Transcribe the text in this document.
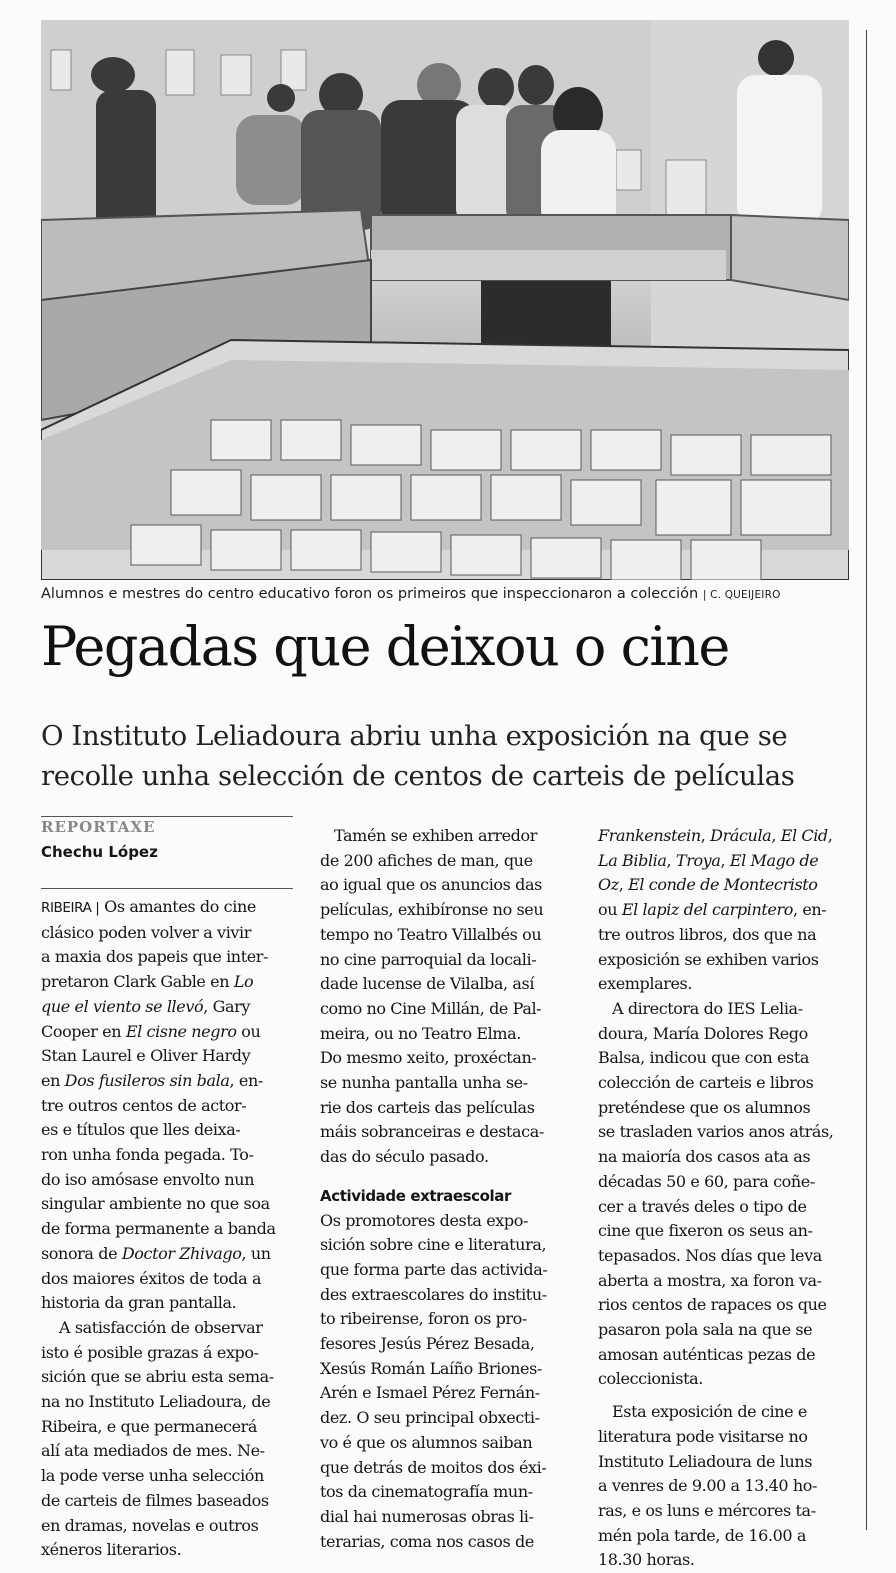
Alumnos e mestres do centro educativo foron os primeiros que inspeccionaron a colección | C. QUEIJEIRO
Pegadas que deixou o cine
O Instituto Leliadoura abriu unha exposición na que se
recolle unha selección de centos de carteis de películas
REPORTAXE
Chechu López
RIBEIRA | Os amantes do cine
clásico poden volver a vivir
a maxia dos papeis que inter-
pretaron Clark Gable en Lo
que el viento se llevó, Gary
Cooper en El cisne negro ou
Stan Laurel e Oliver Hardy
en Dos fusileros sin bala, en-
tre outros centos de actor-
es e títulos que lles deixa-
ron unha fonda pegada. To-
do iso amósase envolto nun
singular ambiente no que soa
de forma permanente a banda
sonora de Doctor Zhivago, un
dos maiores éxitos de toda a
historia da gran pantalla.
A satisfacción de observar
isto é posible grazas á expo-
sición que se abriu esta sema-
na no Instituto Leliadoura, de
Ribeira, e que permanecerá
alí ata mediados de mes. Ne-
la pode verse unha selección
de carteis de filmes baseados
en dramas, novelas e outros
xéneros literarios.
Tamén se exhiben arredor
de 200 afiches de man, que
ao igual que os anuncios das
películas, exhibíronse no seu
tempo no Teatro Villalbés ou
no cine parroquial da locali-
dade lucense de Vilalba, así
como no Cine Millán, de Pal-
meira, ou no Teatro Elma.
Do mesmo xeito, proxéctan-
se nunha pantalla unha se-
rie dos carteis das películas
máis sobranceiras e destaca-
das do século pasado.
Actividade extraescolar
Os promotores desta expo-
sición sobre cine e literatura,
que forma parte das activida-
des extraescolares do institu-
to ribeirense, foron os pro-
fesores Jesús Pérez Besada,
Xesús Román Laíño Briones-
Arén e Ismael Pérez Fernán-
dez. O seu principal obxecti-
vo é que os alumnos saiban
que detrás de moitos dos éxi-
tos da cinematografía mun-
dial hai numerosas obras li-
terarias, coma nos casos de
Frankenstein, Drácula, El Cid,
La Biblia, Troya, El Mago de
Oz, El conde de Montecristo
ou El lapiz del carpintero, en-
tre outros libros, dos que na
exposición se exhiben varios
exemplares.
A directora do IES Lelia-
doura, María Dolores Rego
Balsa, indicou que con esta
colección de carteis e libros
preténdese que os alumnos
se trasladen varios anos atrás,
na maioría dos casos ata as
décadas 50 e 60, para coñe-
cer a través deles o tipo de
cine que fixeron os seus an-
tepasados. Nos días que leva
aberta a mostra, xa foron va-
rios centos de rapaces os que
pasaron pola sala na que se
amosan auténticas pezas de
coleccionista.
Esta exposición de cine e
literatura pode visitarse no
Instituto Leliadoura de luns
a venres de 9.00 a 13.40 ho-
ras, e os luns e mércores ta-
mén pola tarde, de 16.00 a
18.30 horas.
